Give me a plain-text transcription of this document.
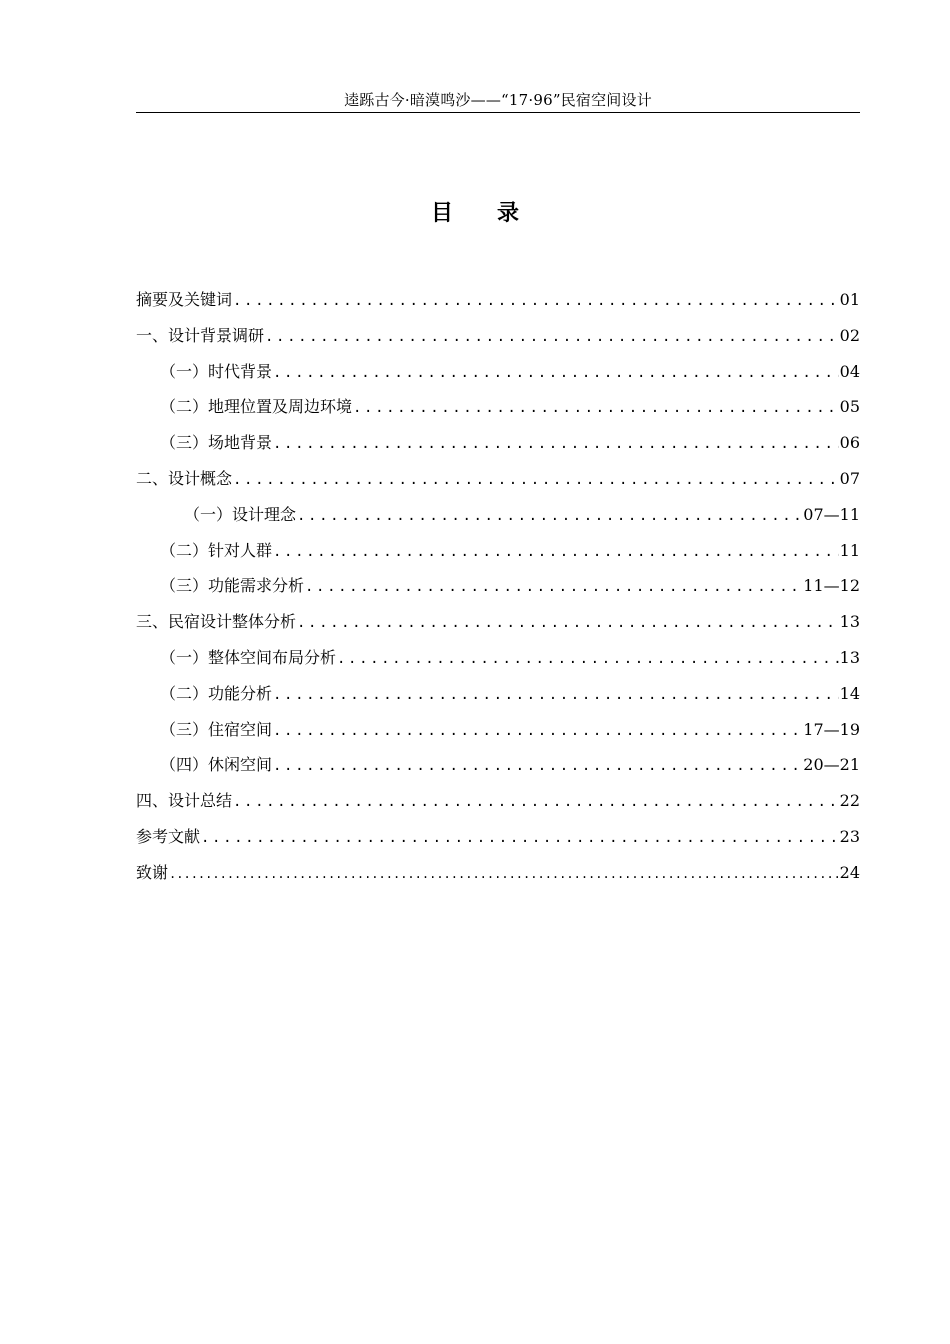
逵跞古今·暗漠鸣沙——“17·96”民宿空间设计
目 录
摘要及关键词 .....	01
一、设计背景调研 .....	02
（一）时代背景 .....	04
（二）地理位置及周边环境 .....	05
（三）场地背景 .....	06
二、设计概念 .....	07
（一）设计理念 .....	07—11
（二）针对人群 .....	11
（三）功能需求分析 .....	11—12
三、民宿设计整体分析 .....	13
（一）整体空间布局分析 .....	13
（二）功能分析 .....	14
（三）住宿空间 .....	17—19
（四）休闲空间 .....	20—21
四、设计总结 .....	22
参考文献 .....	23
致谢 .....	24
